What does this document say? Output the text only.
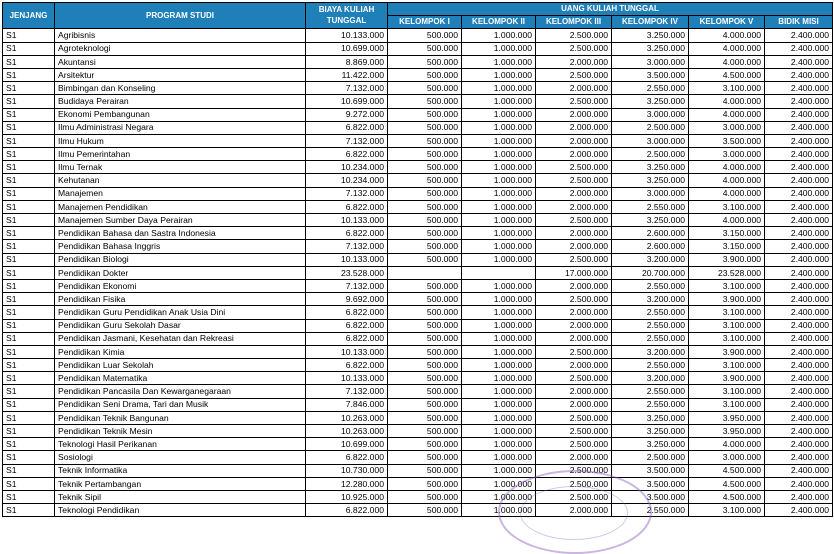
JENJANG	PROGRAM STUDI	BIAYA KULIAH TUNGGAL	UANG KULIAH TUNGGAL					
			KELOMPOK I	KELOMPOK II	KELOMPOK III	KELOMPOK IV	KELOMPOK V	BIDIK MISI
S1	Agribisnis	10.133.000	500.000	1.000.000	2.500.000	3.250.000	4.000.000	2.400.000
S1	Agroteknologi	10.699.000	500.000	1.000.000	2.500.000	3.250.000	4.000.000	2.400.000
S1	Akuntansi	8.869.000	500.000	1.000.000	2.000.000	3.000.000	4.000.000	2.400.000
S1	Arsitektur	11.422.000	500.000	1.000.000	2.500.000	3.500.000	4.500.000	2.400.000
S1	Bimbingan dan Konseling	7.132.000	500.000	1.000.000	2.000.000	2.550.000	3.100.000	2.400.000
S1	Budidaya Perairan	10.699.000	500.000	1.000.000	2.500.000	3.250.000	4.000.000	2.400.000
S1	Ekonomi Pembangunan	9.272.000	500.000	1.000.000	2.000.000	3.000.000	4.000.000	2.400.000
S1	Ilmu Administrasi Negara	6.822.000	500.000	1.000.000	2.000.000	2.500.000	3.000.000	2.400.000
S1	Ilmu Hukum	7.132.000	500.000	1.000.000	2.000.000	3.000.000	3.500.000	2.400.000
S1	Ilmu Pemerintahan	6.822.000	500.000	1.000.000	2.000.000	2.500.000	3.000.000	2.400.000
S1	Ilmu Ternak	10.234.000	500.000	1.000.000	2.500.000	3.250.000	4.000.000	2.400.000
S1	Kehutanan	10.234.000	500.000	1.000.000	2.500.000	3.250.000	4.000.000	2.400.000
S1	Manajemen	7.132.000	500.000	1.000.000	2.000.000	3.000.000	4.000.000	2.400.000
S1	Manajemen Pendidikan	6.822.000	500.000	1.000.000	2.000.000	2.550.000	3.100.000	2.400.000
S1	Manajemen Sumber Daya Perairan	10.133.000	500.000	1.000.000	2.500.000	3.250.000	4.000.000	2.400.000
S1	Pendidikan Bahasa dan Sastra Indonesia	6.822.000	500.000	1.000.000	2.000.000	2.600.000	3.150.000	2.400.000
S1	Pendidikan Bahasa Inggris	7.132.000	500.000	1.000.000	2.000.000	2.600.000	3.150.000	2.400.000
S1	Pendidikan Biologi	10.133.000	500.000	1.000.000	2.500.000	3.200.000	3.900.000	2.400.000
S1	Pendidikan Dokter	23.528.000			17.000.000	20.700.000	23.528.000	2.400.000
S1	Pendidikan Ekonomi	7.132.000	500.000	1.000.000	2.000.000	2.550.000	3.100.000	2.400.000
S1	Pendidikan Fisika	9.692.000	500.000	1.000.000	2.500.000	3.200.000	3.900.000	2.400.000
S1	Pendidikan Guru Pendidikan Anak Usia Dini	6.822.000	500.000	1.000.000	2.000.000	2.550.000	3.100.000	2.400.000
S1	Pendidikan Guru Sekolah Dasar	6.822.000	500.000	1.000.000	2.000.000	2.550.000	3.100.000	2.400.000
S1	Pendidikan Jasmani, Kesehatan dan Rekreasi	6.822.000	500.000	1.000.000	2.000.000	2.550.000	3.100.000	2.400.000
S1	Pendidikan Kimia	10.133.000	500.000	1.000.000	2.500.000	3.200.000	3.900.000	2.400.000
S1	Pendidikan Luar Sekolah	6.822.000	500.000	1.000.000	2.000.000	2.550.000	3.100.000	2.400.000
S1	Pendidikan Matematika	10.133.000	500.000	1.000.000	2.500.000	3.200.000	3.900.000	2.400.000
S1	Pendidikan Pancasila Dan Kewarganegaraan	7.132.000	500.000	1.000.000	2.000.000	2.550.000	3.100.000	2.400.000
S1	Pendidikan Seni Drama, Tari dan Musik	7.846.000	500.000	1.000.000	2.000.000	2.550.000	3.100.000	2.400.000
S1	Pendidikan Teknik Bangunan	10.263.000	500.000	1.000.000	2.500.000	3.250.000	3.950.000	2.400.000
S1	Pendidikan Teknik Mesin	10.263.000	500.000	1.000.000	2.500.000	3.250.000	3.950.000	2.400.000
S1	Teknologi Hasil Perikanan	10.699.000	500.000	1.000.000	2.500.000	3.250.000	4.000.000	2.400.000
S1	Sosiologi	6.822.000	500.000	1.000.000	2.000.000	2.500.000	3.000.000	2.400.000
S1	Teknik Informatika	10.730.000	500.000	1.000.000	2.500.000	3.500.000	4.500.000	2.400.000
S1	Teknik Pertambangan	12.280.000	500.000	1.000.000	2.500.000	3.500.000	4.500.000	2.400.000
S1	Teknik Sipil	10.925.000	500.000	1.000.000	2.500.000	3.500.000	4.500.000	2.400.000
S1	Teknologi Pendidikan	6.822.000	500.000	1.000.000	2.000.000	2.550.000	3.100.000	2.400.000
